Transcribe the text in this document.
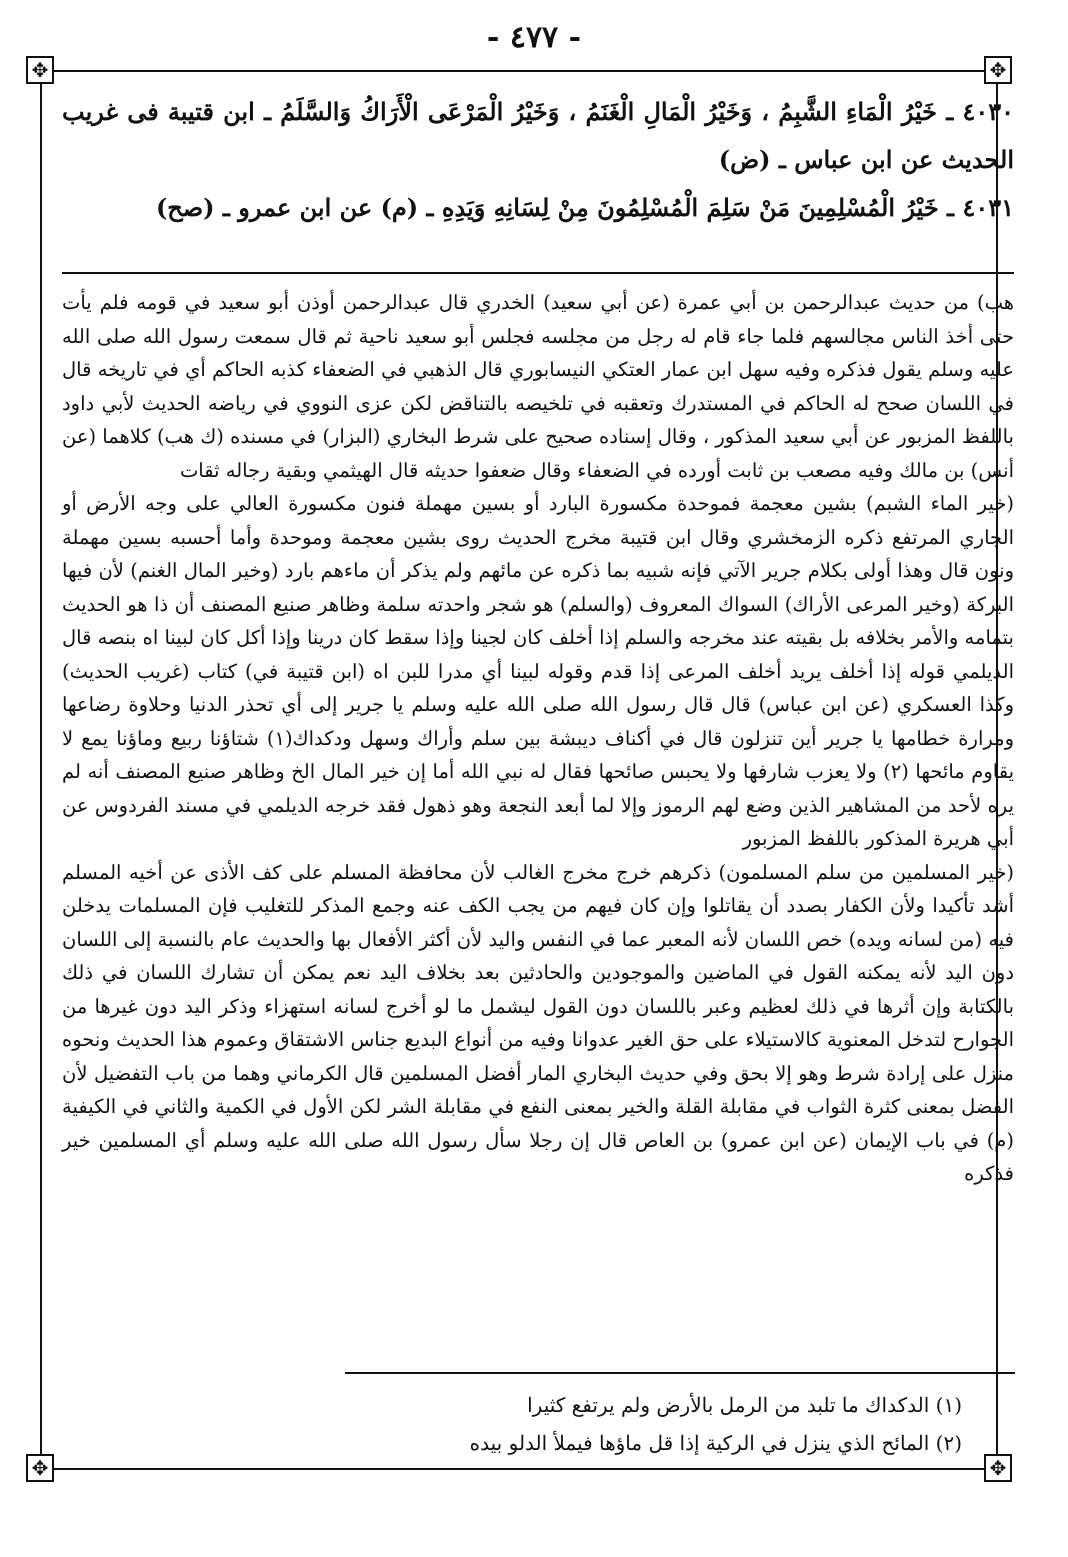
- ٤٧٧ -
✥	✥
✥	✥

٤٠٣٠ ـ خَيْرُ الْمَاءِ الشَّبِمُ ، وَخَيْرُ الْمَالِ الْغَنَمُ ، وَخَيْرُ الْمَرْعَى الْأَرَاكُ وَالسَّلَمُ ـ ابن قتيبة فى غريب الحديث عن ابن عباس ـ (ض)

٤٠٣١ ـ خَيْرُ الْمُسْلِمِينَ مَنْ سَلِمَ الْمُسْلِمُونَ مِنْ لِسَانِهِ وَيَدِهِ ـ (م) عن ابن عمرو ـ (صح)

هب) من حديث عبدالرحمن بن أبي عمرة (عن أبي سعيد) الخدري قال عبدالرحمن أوذن أبو سعيد في قومه فلم يأت حتى أخذ الناس مجالسهم فلما جاء قام له رجل من مجلسه فجلس أبو سعيد ناحية ثم قال سمعت رسول الله صلى الله عليه وسلم يقول فذكره وفيه سهل ابن عمار العتكي النيسابوري قال الذهبي في الضعفاء كذبه الحاكم أي في تاريخه قال في اللسان صحح له الحاكم في المستدرك وتعقبه في تلخيصه بالتناقض لكن عزى النووي في رياضه الحديث لأبي داود باللفظ المزبور عن أبي سعيد المذكور ، وقال إسناده صحيح على شرط البخاري (البزار) في مسنده (ك هب) كلاهما (عن أنس) بن مالك وفيه مصعب بن ثابت أورده في الضعفاء وقال ضعفوا حديثه قال الهيثمي وبقية رجاله ثقات

(خير الماء الشبم) بشين معجمة فموحدة مكسورة البارد أو بسين مهملة فنون مكسورة العالي على وجه الأرض أو الجاري المرتفع ذكره الزمخشري وقال ابن قتيبة مخرج الحديث روى بشين معجمة وموحدة وأما أحسبه بسين مهملة ونون قال وهذا أولى بكلام جرير الآتي فإنه شبيه بما ذكره عن مائهم ولم يذكر أن ماءهم بارد (وخير المال الغنم) لأن فيها البركة (وخير المرعى الأراك) السواك المعروف (والسلم) هو شجر واحدته سلمة وظاهر صنيع المصنف أن ذا هو الحديث بتمامه والأمر بخلافه بل بقيته عند مخرجه والسلم إذا أخلف كان لجينا وإذا سقط كان درينا وإذا أكل كان لبينا اه بنصه قال الديلمي قوله إذا أخلف يريد أخلف المرعى إذا قدم وقوله لبينا أي مدرا للبن اه (ابن قتيبة في) كتاب (غريب الحديث) وكذا العسكري (عن ابن عباس) قال قال رسول الله صلى الله عليه وسلم يا جرير إلى أي تحذر الدنيا وحلاوة رضاعها ومرارة خطامها يا جرير أين تنزلون قال في أكناف ديبشة بين سلم وأراك وسهل ودكداك(١) شتاؤنا ربيع وماؤنا يمع لا يقاوم مائحها (٢) ولا يعزب شارفها ولا يحبس صائحها فقال له نبي الله أما إن خير المال الخ وظاهر صنيع المصنف أنه لم يره لأحد من المشاهير الذين وضع لهم الرموز وإلا لما أبعد النجعة وهو ذهول فقد خرجه الديلمي في مسند الفردوس عن أبي هريرة المذكور باللفظ المزبور

(خير المسلمين من سلم المسلمون) ذكرهم خرج مخرج الغالب لأن محافظة المسلم على كف الأذى عن أخيه المسلم أشد تأكيدا ولأن الكفار بصدد أن يقاتلوا وإن كان فيهم من يجب الكف عنه وجمع المذكر للتغليب فإن المسلمات يدخلن فيه (من لسانه ويده) خص اللسان لأنه المعبر عما في النفس واليد لأن أكثر الأفعال بها والحديث عام بالنسبة إلى اللسان دون اليد لأنه يمكنه القول في الماضين والموجودين والحادثين بعد بخلاف اليد نعم يمكن أن تشارك اللسان في ذلك بالكتابة وإن أثرها في ذلك لعظيم وعبر باللسان دون القول ليشمل ما لو أخرج لسانه استهزاء وذكر اليد دون غيرها من الجوارح لتدخل المعنوية كالاستيلاء على حق الغير عدوانا وفيه من أنواع البديع جناس الاشتقاق وعموم هذا الحديث ونحوه منزل على إرادة شرط وهو إلا بحق وفي حديث البخاري المار أفضل المسلمين قال الكرماني وهما من باب التفضيل لأن الفضل بمعنى كثرة الثواب في مقابلة القلة والخير بمعنى النفع في مقابلة الشر لكن الأول في الكمية والثاني في الكيفية (م) في باب الإيمان (عن ابن عمرو) بن العاص قال إن رجلا سأل رسول الله صلى الله عليه وسلم أي المسلمين خير فذكره

(١) الدكداك ما تلبد من الرمل بالأرض ولم يرتفع كثيرا

(٢) المائح الذي ينزل في الركية إذا قل ماؤها فيملأ الدلو بيده
